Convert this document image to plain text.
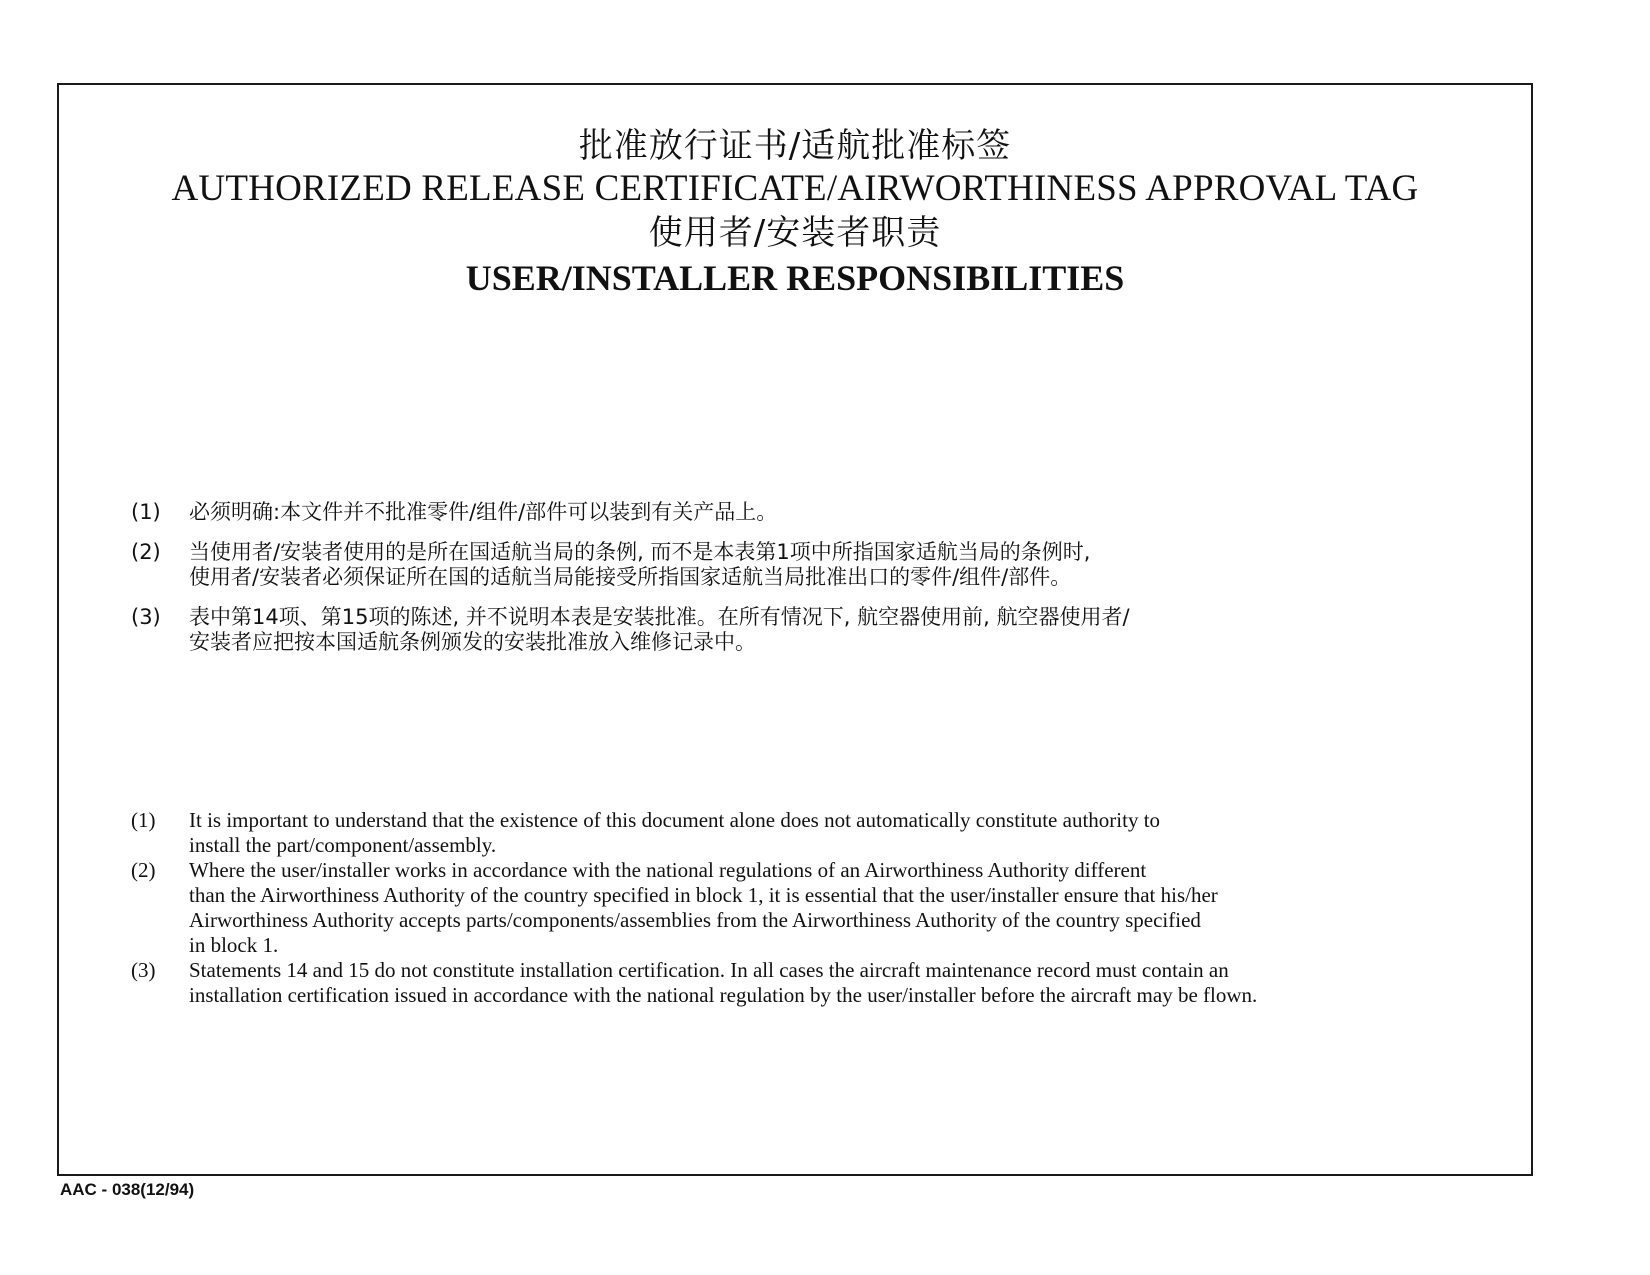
批准放行证书/适航批准标签
AUTHORIZED RELEASE CERTIFICATE/AIRWORTHINESS APPROVAL TAG
使用者/安装者职责
USER/INSTALLER RESPONSIBILITIES
(1)	必须明确:本文件并不批准零件/组件/部件可以装到有关产品上。
(2)	当使用者/安装者使用的是所在国适航当局的条例, 而不是本表第1项中所指国家适航当局的条例时,
使用者/安装者必须保证所在国的适航当局能接受所指国家适航当局批准出口的零件/组件/部件。
(3)	表中第14项、第15项的陈述, 并不说明本表是安装批准。在所有情况下, 航空器使用前, 航空器使用者/
安装者应把按本国适航条例颁发的安装批准放入维修记录中。
(1)	It is important to understand that the existence of this document alone does not automatically constitute authority to
install the part/component/assembly.
(2)	Where the user/installer works in accordance with the national regulations of an Airworthiness Authority different
than the Airworthiness Authority of the country specified in block 1, it is essential that the user/installer ensure that his/her
Airworthiness Authority accepts parts/components/assemblies from the Airworthiness Authority of the country specified
in block 1.
(3)	Statements 14 and 15 do not constitute installation certification. In all cases the aircraft maintenance record must contain an
installation certification issued in accordance with the national regulation by the user/installer before the aircraft may be flown.
AAC - 038(12/94)
